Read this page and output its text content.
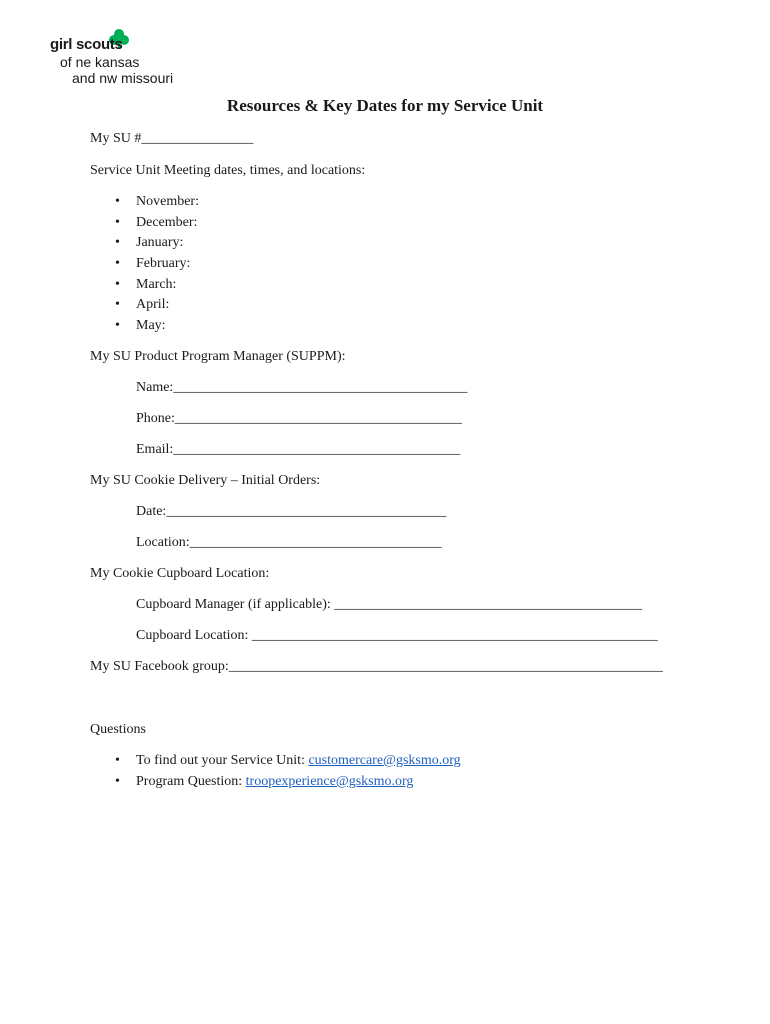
girl scouts
of ne kansas
and nw missouri
Resources & Key Dates for my Service Unit
My SU #________________
Service Unit Meeting dates, times, and locations:
• November:
• December:
• January:
• February:
• March:
• April:
• May:
My SU Product Program Manager (SUPPM):
Name:__________________________________________
Phone:_________________________________________
Email:_________________________________________
My SU Cookie Delivery – Initial Orders:
Date:________________________________________
Location:____________________________________
My Cookie Cupboard Location:
Cupboard Manager (if applicable): ____________________________________________
Cupboard Location: __________________________________________________________
My SU Facebook group:______________________________________________________________
Questions
• To find out your Service Unit: customercare@gsksmo.org
• Program Question: troopexperience@gsksmo.org
